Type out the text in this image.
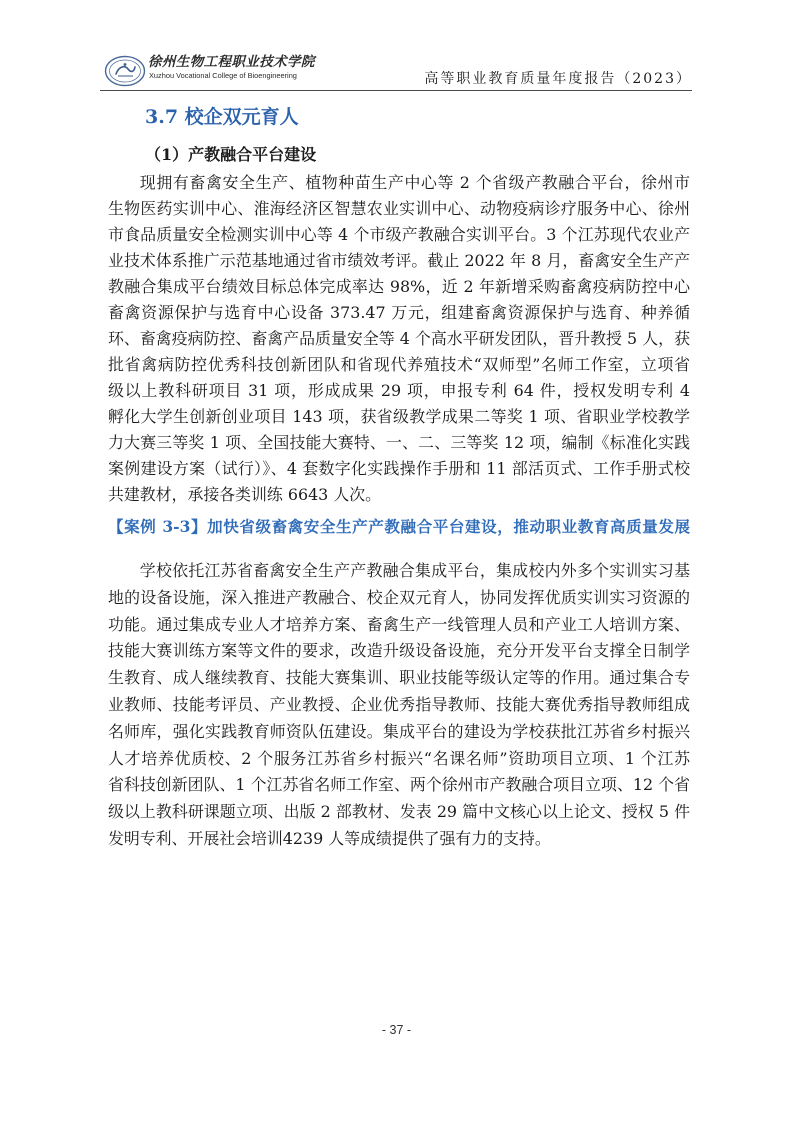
徐州生物工程职业技术学院
Xuzhou Vocational College of Bioengineering	高等职业教育质量年度报告（2023）
3.7 校企双元育人
（1）产教融合平台建设
现拥有畜禽安全生产、植物种苗生产中心等 2 个省级产教融合平台，徐州市
生物医药实训中心、淮海经济区智慧农业实训中心、动物疫病诊疗服务中心、徐州
市食品质量安全检测实训中心等 4 个市级产教融合实训平台。3 个江苏现代农业产
业技术体系推广示范基地通过省市绩效考评。截止 2022 年 8 月，畜禽安全生产产
教融合集成平台绩效目标总体完成率达 98%，近 2 年新增采购畜禽疫病防控中心
畜禽资源保护与选育中心设备 373.47 万元，组建畜禽资源保护与选育、种养循
环、畜禽疫病防控、畜禽产品质量安全等 4 个高水平研发团队，晋升教授 5 人，获
批省禽病防控优秀科技创新团队和省现代养殖技术“双师型”名师工作室，立项省
级以上教科研项目 31 项，形成成果 29 项，申报专利 64 件，授权发明专利 4
孵化大学生创新创业项目 143 项，获省级教学成果二等奖 1 项、省职业学校教学
力大赛三等奖 1 项、全国技能大赛特、一、二、三等奖 12 项，编制《标准化实践
案例建设方案（试行）》、4 套数字化实践操作手册和 11 部活页式、工作手册式校
共建教材，承接各类训练 6643 人次。
【案例 3-3】加快省级畜禽安全生产产教融合平台建设，推动职业教育高质量发展
学校依托江苏省畜禽安全生产产教融合集成平台，集成校内外多个实训实习基
地的设备设施，深入推进产教融合、校企双元育人，协同发挥优质实训实习资源的
功能。通过集成专业人才培养方案、畜禽生产一线管理人员和产业工人培训方案、
技能大赛训练方案等文件的要求，改造升级设备设施，充分开发平台支撑全日制学
生教育、成人继续教育、技能大赛集训、职业技能等级认定等的作用。通过集合专
业教师、技能考评员、产业教授、企业优秀指导教师、技能大赛优秀指导教师组成
名师库，强化实践教育师资队伍建设。集成平台的建设为学校获批江苏省乡村振兴
人才培养优质校、2 个服务江苏省乡村振兴“名课名师”资助项目立项、1 个江苏
省科技创新团队、1 个江苏省名师工作室、两个徐州市产教融合项目立项、12 个省
级以上教科研课题立项、出版 2 部教材、发表 29 篇中文核心以上论文、授权 5 件
发明专利、开展社会培训4239 人等成绩提供了强有力的支持。
- 37 -
